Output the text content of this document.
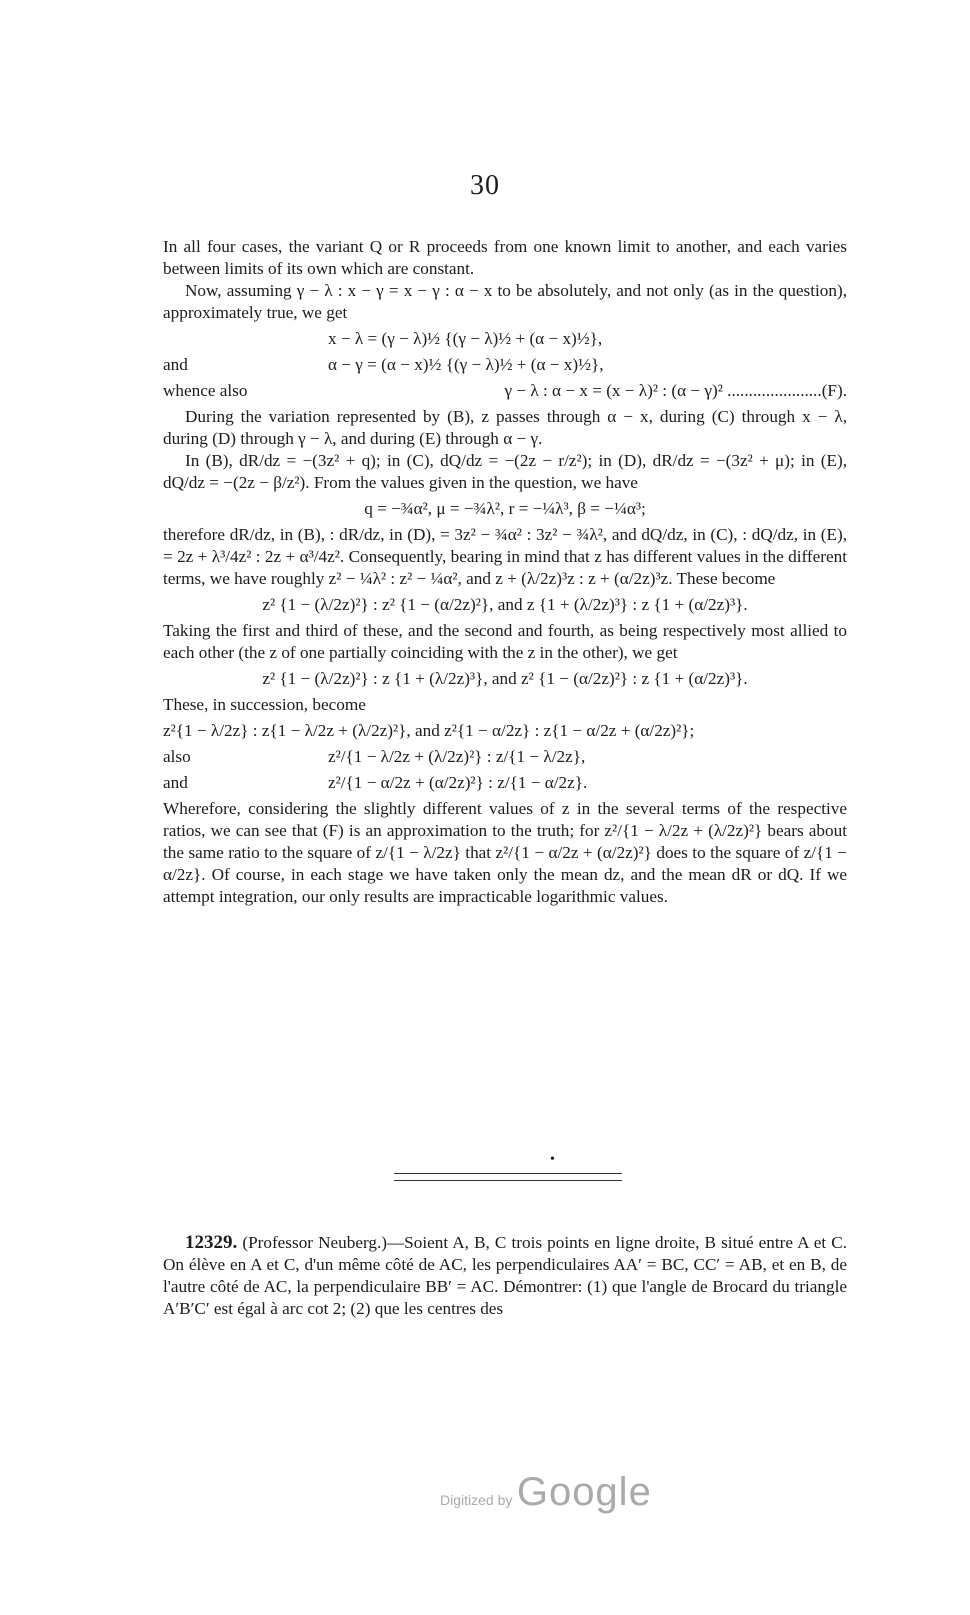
30

In all four cases, the variant Q or R proceeds from one known limit to another, and each varies between limits of its own which are constant.

Now, assuming γ − λ : x − γ = x − γ : α − x to be absolutely, and not only (as in the question), approximately true, we get

x − λ = (γ − λ)½ {(γ − λ)½ + (α − x)½},
and	α − γ = (α − x)½ {(γ − λ)½ + (α − x)½},
whence also	γ − λ : α − x = (x − λ)² : (α − γ)² ......................(F).

During the variation represented by (B), z passes through α − x, during (C) through x − λ, during (D) through γ − λ, and during (E) through α − γ.

In (B), dR/dz = −(3z² + q); in (C), dQ/dz = −(2z − r/z²); in (D), dR/dz = −(3z² + μ); in (E), dQ/dz = −(2z − β/z²). From the values given in the question, we have

q = −¾α², μ = −¾λ², r = −¼λ³, β = −¼α³;

therefore dR/dz, in (B), : dR/dz, in (D), = 3z² − ¾α² : 3z² − ¾λ², and dQ/dz, in (C), : dQ/dz, in (E), = 2z + λ³/4z² : 2z + α³/4z². Consequently, bearing in mind that z has different values in the different terms, we have roughly z² − ¼λ² : z² − ¼α², and z + (λ/2z)³z : z + (α/2z)³z. These become

z² {1 − (λ/2z)²} : z² {1 − (α/2z)²}, and z {1 + (λ/2z)³} : z {1 + (α/2z)³}.

Taking the first and third of these, and the second and fourth, as being respectively most allied to each other (the z of one partially coinciding with the z in the other), we get

z² {1 − (λ/2z)²} : z {1 + (λ/2z)³}, and z² {1 − (α/2z)²} : z {1 + (α/2z)³}.

These, in succession, become

z²{1 − λ/2z} : z{1 − λ/2z + (λ/2z)²}, and z²{1 − α/2z} : z{1 − α/2z + (α/2z)²};
also	z²/{1 − λ/2z + (λ/2z)²} : z/{1 − λ/2z},
and	z²/{1 − α/2z + (α/2z)²} : z/{1 − α/2z}.

Wherefore, considering the slightly different values of z in the several terms of the respective ratios, we can see that (F) is an approximation to the truth; for z²/{1 − λ/2z + (λ/2z)²} bears about the same ratio to the square of z/{1 − λ/2z} that z²/{1 − α/2z + (α/2z)²} does to the square of z/{1 − α/2z}. Of course, in each stage we have taken only the mean dz, and the mean dR or dQ. If we attempt integration, our only results are impracticable logarithmic values.

•

12329. (Professor Neuberg.)—Soient A, B, C trois points en ligne droite, B situé entre A et C. On élève en A et C, d'un même côté de AC, les perpendiculaires AA′ = BC, CC′ = AB, et en B, de l'autre côté de AC, la perpendiculaire BB′ = AC. Démontrer: (1) que l'angle de Brocard du triangle A′B′C′ est égal à arc cot 2; (2) que les centres des

Digitized by Google
